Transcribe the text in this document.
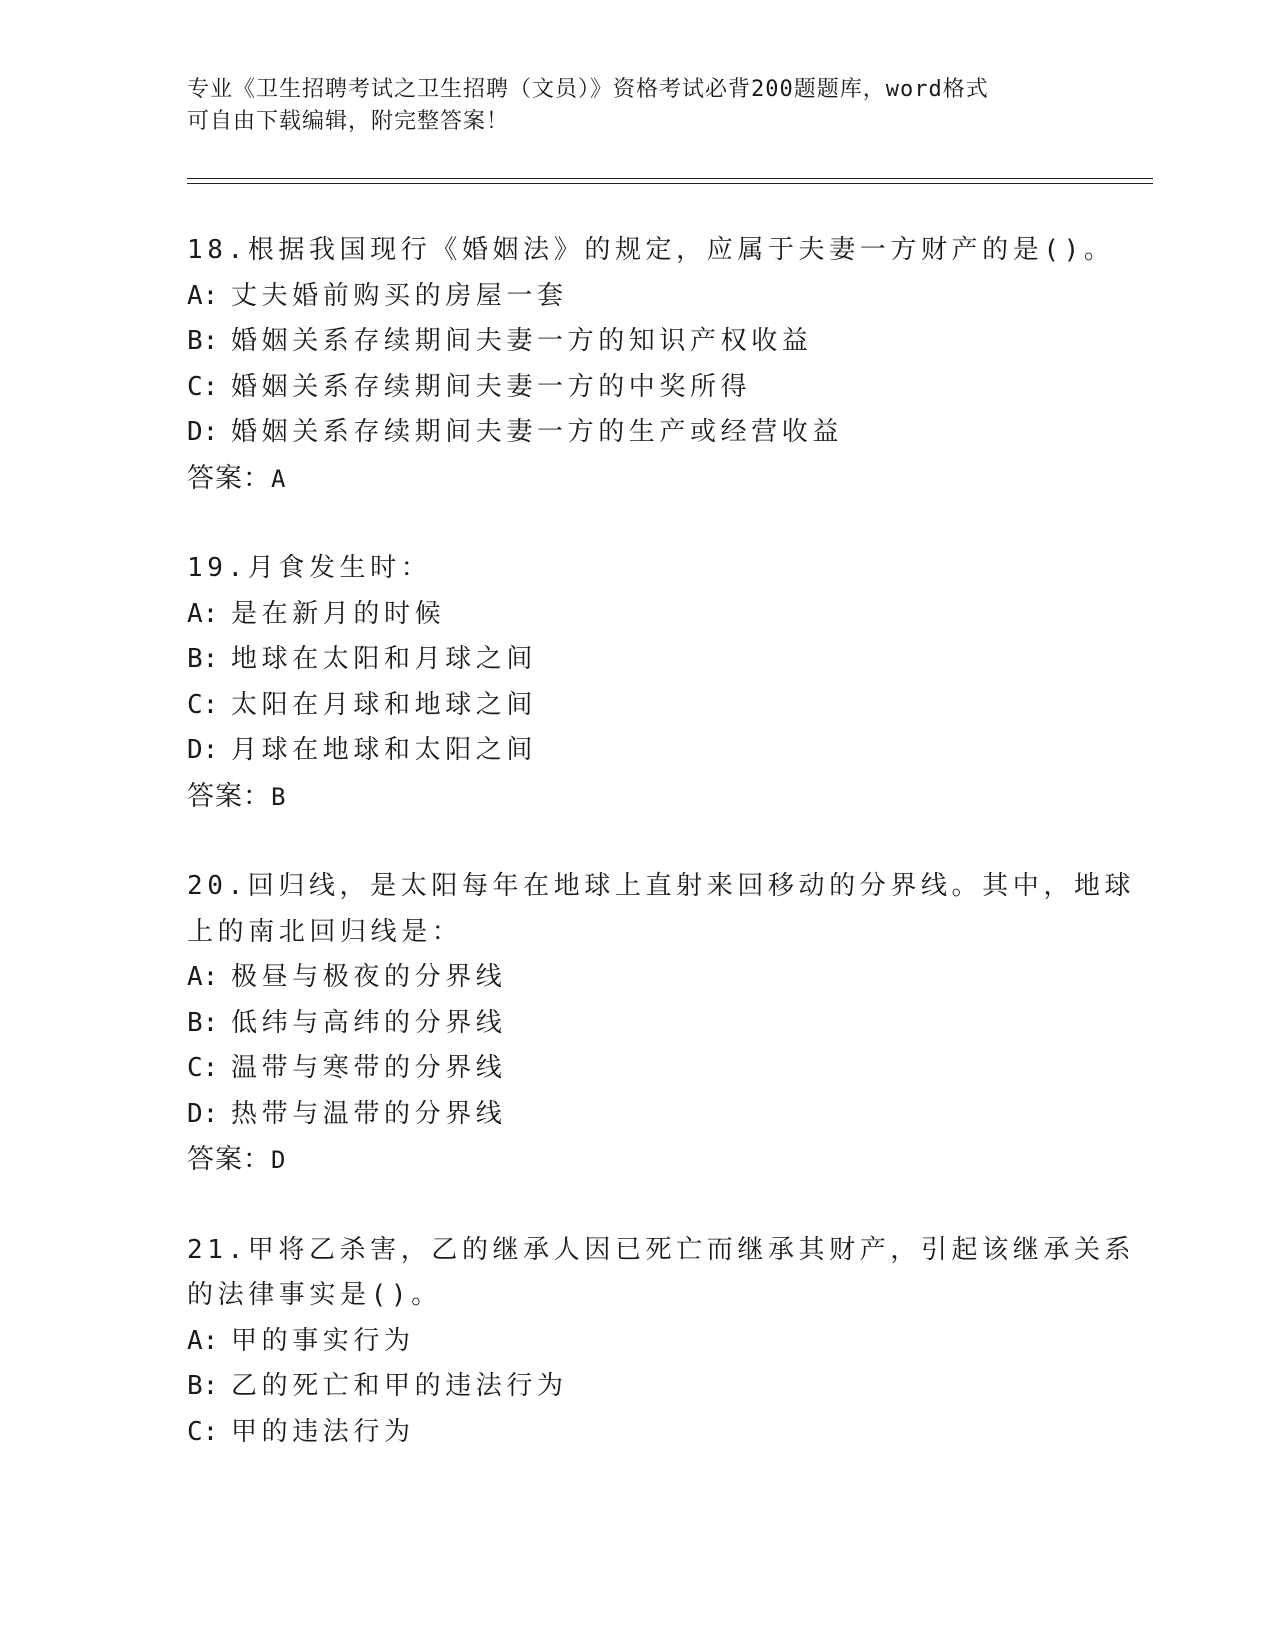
专业《卫生招聘考试之卫生招聘（文员）》资格考试必背200题题库，word格式
可自由下载编辑，附完整答案！
18.根据我国现行《婚姻法》的规定，应属于夫妻一方财产的是()。
A: 丈夫婚前购买的房屋一套
B: 婚姻关系存续期间夫妻一方的知识产权收益
C: 婚姻关系存续期间夫妻一方的中奖所得
D: 婚姻关系存续期间夫妻一方的生产或经营收益
答案：A
19.月食发生时：
A: 是在新月的时候
B: 地球在太阳和月球之间
C: 太阳在月球和地球之间
D: 月球在地球和太阳之间
答案：B
20.回归线，是太阳每年在地球上直射来回移动的分界线。其中，地球
上的南北回归线是：
A: 极昼与极夜的分界线
B: 低纬与高纬的分界线
C: 温带与寒带的分界线
D: 热带与温带的分界线
答案：D
21.甲将乙杀害，乙的继承人因已死亡而继承其财产，引起该继承关系
的法律事实是()。
A: 甲的事实行为
B: 乙的死亡和甲的违法行为
C: 甲的违法行为
